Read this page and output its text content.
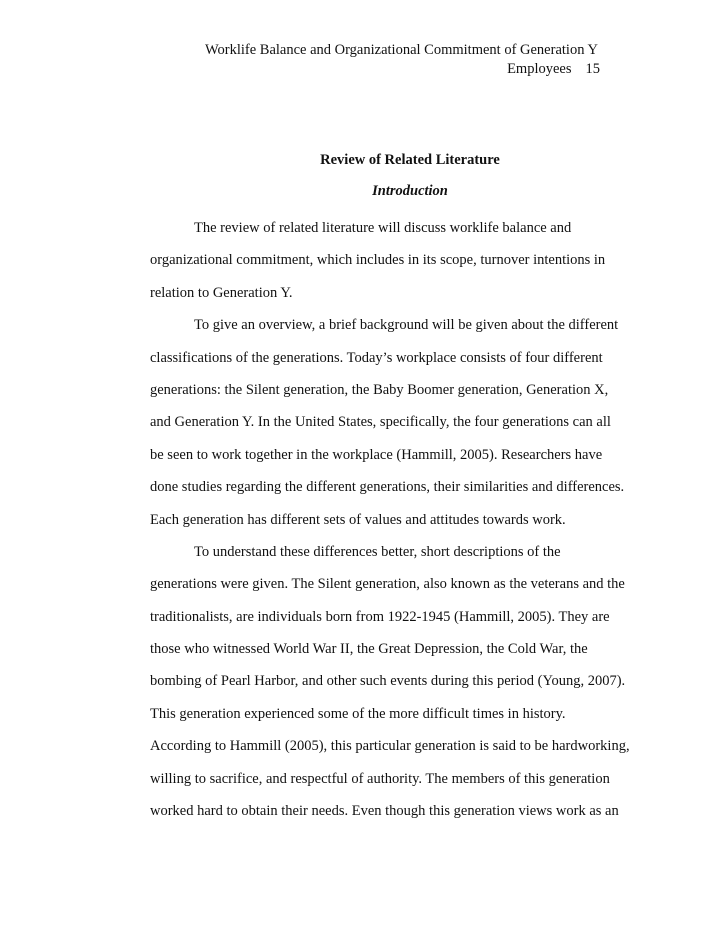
Worklife Balance and Organizational Commitment of Generation Y
Employees 15
Review of Related Literature
Introduction
The review of related literature will discuss worklife balance and
organizational commitment, which includes in its scope, turnover intentions in
relation to Generation Y.
To give an overview, a brief background will be given about the different
classifications of the generations. Today’s workplace consists of four different
generations: the Silent generation, the Baby Boomer generation, Generation X,
and Generation Y. In the United States, specifically, the four generations can all
be seen to work together in the workplace (Hammill, 2005). Researchers have
done studies regarding the different generations, their similarities and differences.
Each generation has different sets of values and attitudes towards work.
To understand these differences better, short descriptions of the
generations were given. The Silent generation, also known as the veterans and the
traditionalists, are individuals born from 1922-1945 (Hammill, 2005). They are
those who witnessed World War II, the Great Depression, the Cold War, the
bombing of Pearl Harbor, and other such events during this period (Young, 2007).
This generation experienced some of the more difficult times in history.
According to Hammill (2005), this particular generation is said to be hardworking,
willing to sacrifice, and respectful of authority. The members of this generation
worked hard to obtain their needs. Even though this generation views work as an
